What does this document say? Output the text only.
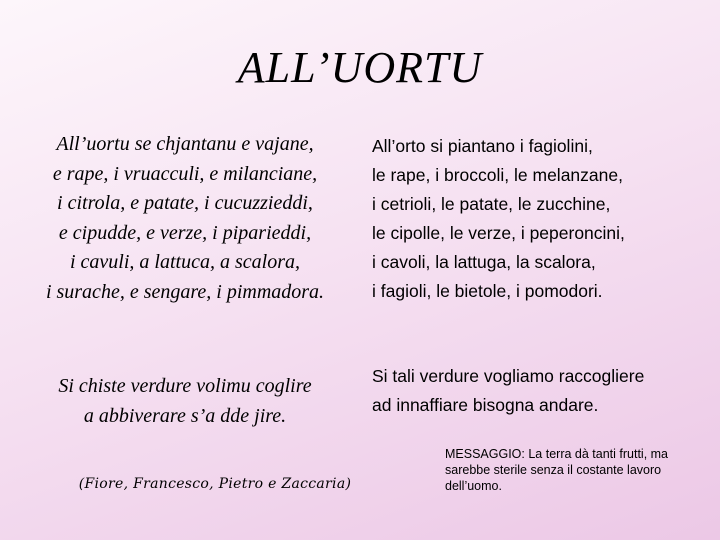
ALL’UORTU
All’uortu se chjantanu e vajane,
e rape, i vruacculi, e milanciane,
i citrola, e patate, i cucuzzieddi,
e cipudde, e verze, i piparieddi,
i cavuli, a lattuca, a scalora,
i surache, e sengare, i pimmadora.
Si chiste verdure volimu coglire
a abbiverare s’a dde jire.
(Fiore, Francesco, Pietro e Zaccaria)
All’orto si piantano i fagiolini,
le rape, i broccoli, le melanzane,
i cetrioli, le patate, le zucchine,
le cipolle, le verze, i peperoncini,
i cavoli, la lattuga, la scalora,
i fagioli, le bietole, i pomodori.
Si tali verdure vogliamo raccogliere
ad innaffiare bisogna andare.
MESSAGGIO: La terra dà tanti frutti, ma sarebbe sterile senza il costante lavoro dell’uomo.
